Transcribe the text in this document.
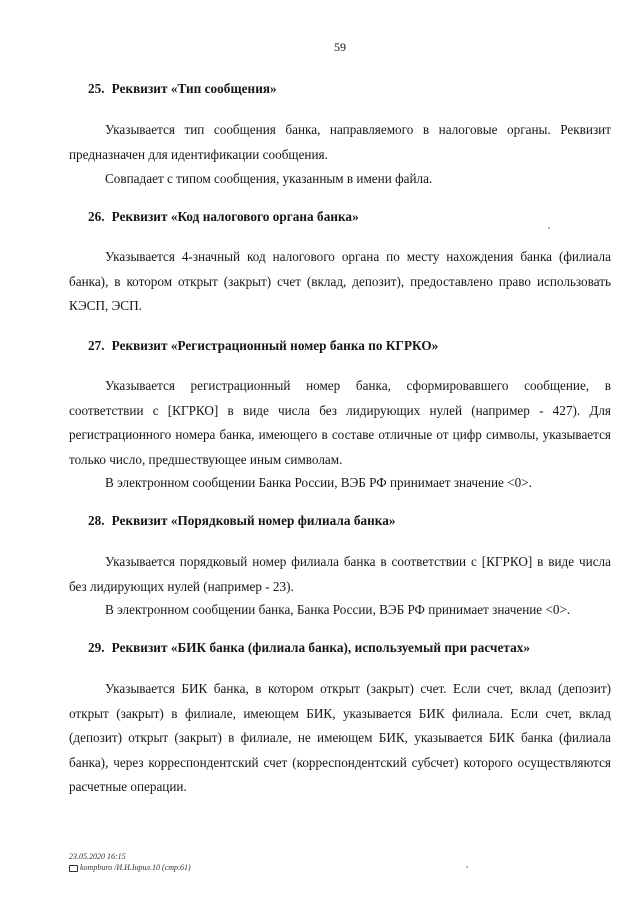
59
25. Реквизит «Тип сообщения»
Указывается тип сообщения банка, направляемого в налоговые органы. Реквизит предназначен для идентификации сообщения.
Совпадает с типом сообщения, указанным в имени файла.
26. Реквизит «Код налогового органа банка»
Указывается 4-значный код налогового органа по месту нахождения банка (филиала банка), в котором открыт (закрыт) счет (вклад, депозит), предоставлено право использовать КЭСП, ЭСП.
27. Реквизит «Регистрационный номер банка по КГРКО»
Указывается регистрационный номер банка, сформировавшего сообщение, в соответствии с [КГРКО] в виде числа без лидирующих нулей (например - 427). Для регистрационного номера банка, имеющего в составе отличные от цифр символы, указывается только число, предшествующее иным символам.
В электронном сообщении Банка России, ВЭБ РФ принимает значение <0>.
28. Реквизит «Порядковый номер филиала банка»
Указывается порядковый номер филиала банка в соответствии с [КГРКО] в виде числа без лидирующих нулей (например - 23).
В электронном сообщении банка, Банка России, ВЭБ РФ принимает значение <0>.
29. Реквизит «БИК банка (филиала банка), используемый при расчетах»
Указывается БИК банка, в котором открыт (закрыт) счет. Если счет, вклад (депозит) открыт (закрыт) в филиале, имеющем БИК, указывается БИК филиала. Если счет, вклад (депозит) открыт (закрыт) в филиале, не имеющем БИК, указывается БИК банка (филиала банка), через корреспондентский счет (корреспондентский субсчет) которого осуществляются расчетные операции.
23.05.2020 16:15
kompburo /И.И.Інрил.10 (стр.61)
